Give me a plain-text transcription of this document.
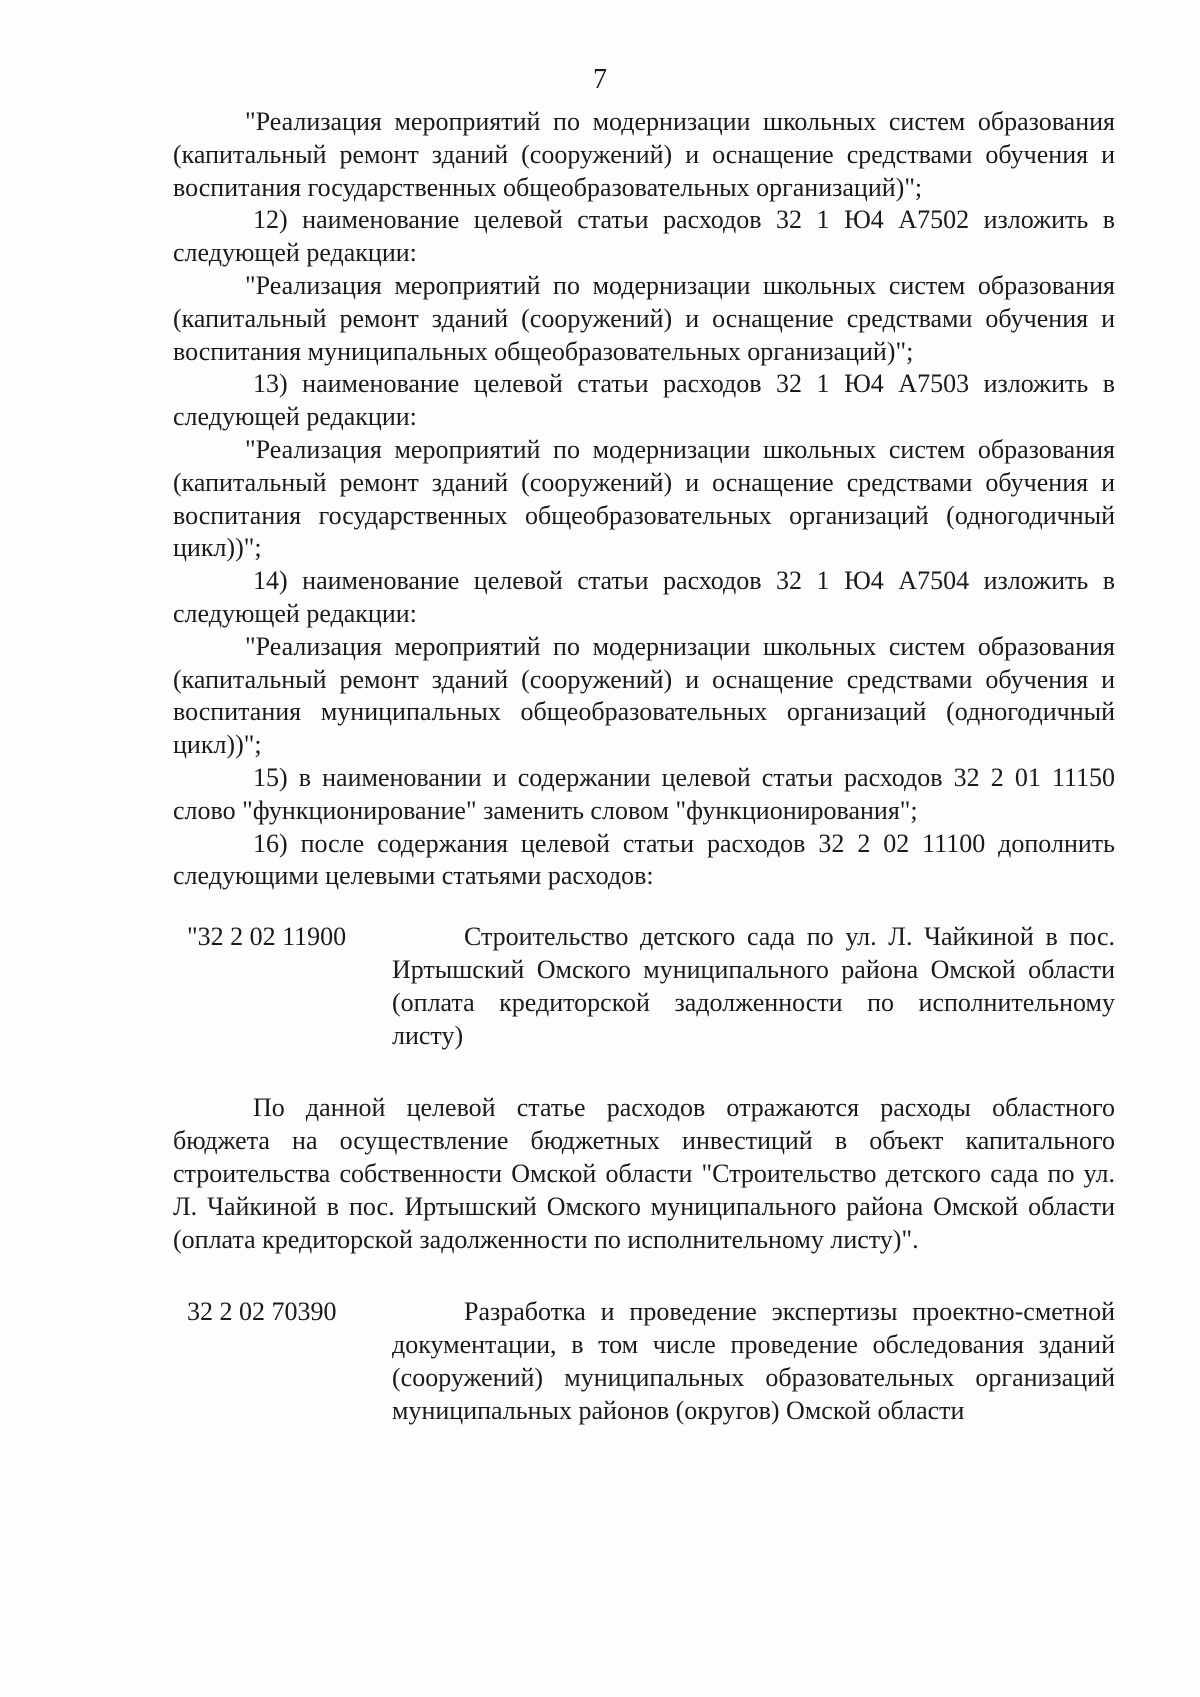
7

"Реализация мероприятий по модернизации школьных систем образования (капитальный ремонт зданий (сооружений) и оснащение средствами обучения и воспитания государственных общеобразовательных организаций)";

12) наименование целевой статьи расходов 32 1 Ю4 А7502 изложить в следующей редакции:

"Реализация мероприятий по модернизации школьных систем образования (капитальный ремонт зданий (сооружений) и оснащение средствами обучения и воспитания муниципальных общеобразовательных организаций)";

13) наименование целевой статьи расходов 32 1 Ю4 А7503 изложить в следующей редакции:

"Реализация мероприятий по модернизации школьных систем образования (капитальный ремонт зданий (сооружений) и оснащение средствами обучения и воспитания государственных общеобразовательных организаций (одногодичный цикл))";

14) наименование целевой статьи расходов 32 1 Ю4 А7504 изложить в следующей редакции:

"Реализация мероприятий по модернизации школьных систем образования (капитальный ремонт зданий (сооружений) и оснащение средствами обучения и воспитания муниципальных общеобразовательных организаций (одногодичный цикл))";

15) в наименовании и содержании целевой статьи расходов 32 2 01 11150 слово "функционирование" заменить словом "функционирования";

16) после содержания целевой статьи расходов 32 2 02 11100 дополнить следующими целевыми статьями расходов:

"32 2 02 11900	Строительство детского сада по ул. Л. Чайкиной в пос. Иртышский Омского муниципального района Омской области (оплата кредиторской задолженности по исполнительному листу)

По данной целевой статье расходов отражаются расходы областного бюджета на осуществление бюджетных инвестиций в объект капитального строительства собственности Омской области "Строительство детского сада по ул. Л. Чайкиной в пос. Иртышский Омского муниципального района Омской области (оплата кредиторской задолженности по исполнительному листу)".

32 2 02 70390	Разработка и проведение экспертизы проектно-сметной документации, в том числе проведение обследования зданий (сооружений) муниципальных образовательных организаций муниципальных районов (округов) Омской области
